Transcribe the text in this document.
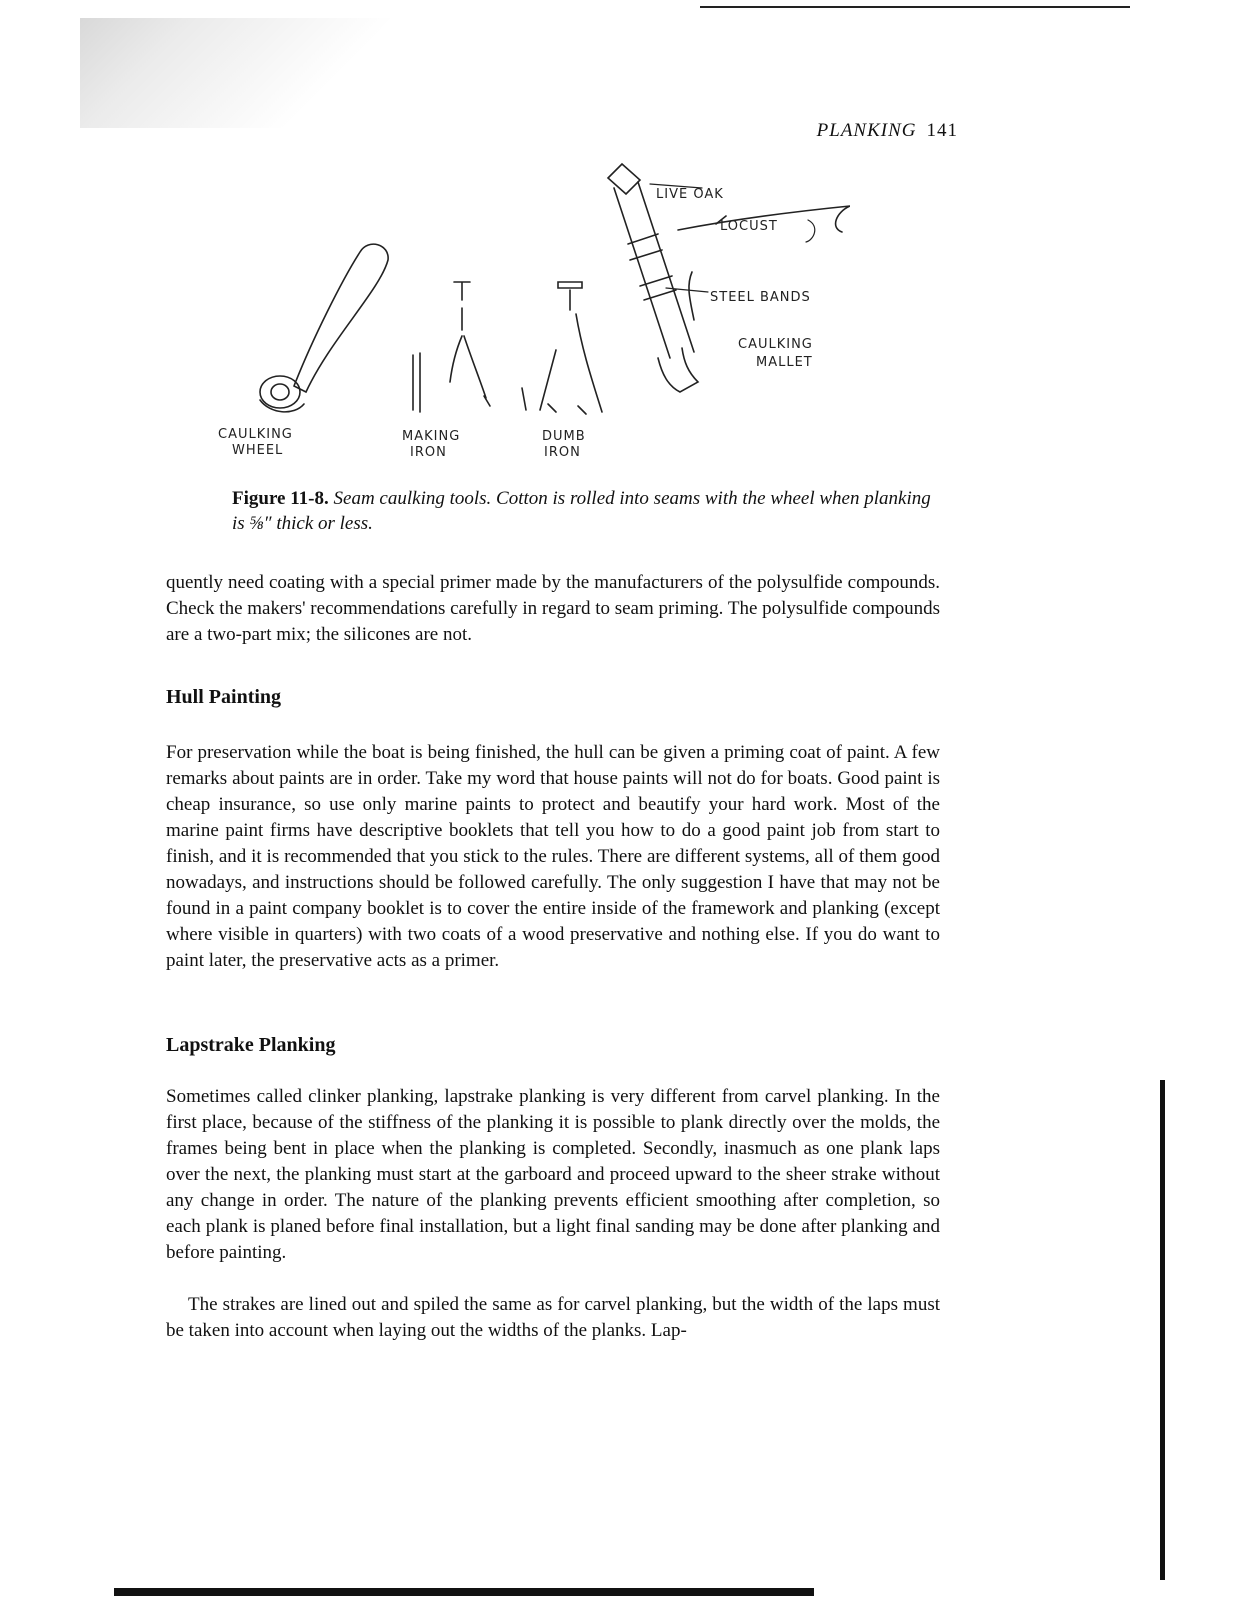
PLANKING 141
LIVE OAK
LOCUST
STEEL BANDS
CAULKING
MALLET
CAULKING
WHEEL
MAKING
IRON
DUMB
IRON
Figure 11-8. Seam caulking tools. Cotton is rolled into seams with the wheel when planking is ⅝″ thick or less.

quently need coating with a special primer made by the manufacturers of the polysulfide compounds. Check the makers' recommendations carefully in regard to seam priming. The polysulfide compounds are a two-part mix; the silicones are not.

Hull Painting

For preservation while the boat is being finished, the hull can be given a priming coat of paint. A few remarks about paints are in order. Take my word that house paints will not do for boats. Good paint is cheap insurance, so use only marine paints to protect and beautify your hard work. Most of the marine paint firms have descriptive booklets that tell you how to do a good paint job from start to finish, and it is recommended that you stick to the rules. There are different systems, all of them good nowadays, and instructions should be followed carefully. The only suggestion I have that may not be found in a paint company booklet is to cover the entire inside of the framework and planking (except where visible in quarters) with two coats of a wood preservative and nothing else. If you do want to paint later, the preservative acts as a primer.

Lapstrake Planking

Sometimes called clinker planking, lapstrake planking is very different from carvel planking. In the first place, because of the stiffness of the planking it is possible to plank directly over the molds, the frames being bent in place when the planking is completed. Secondly, inasmuch as one plank laps over the next, the planking must start at the garboard and proceed upward to the sheer strake without any change in order. The nature of the planking prevents efficient smoothing after completion, so each plank is planed before final installation, but a light final sanding may be done after planking and before painting.

The strakes are lined out and spiled the same as for carvel planking, but the width of the laps must be taken into account when laying out the widths of the planks. Lap-
